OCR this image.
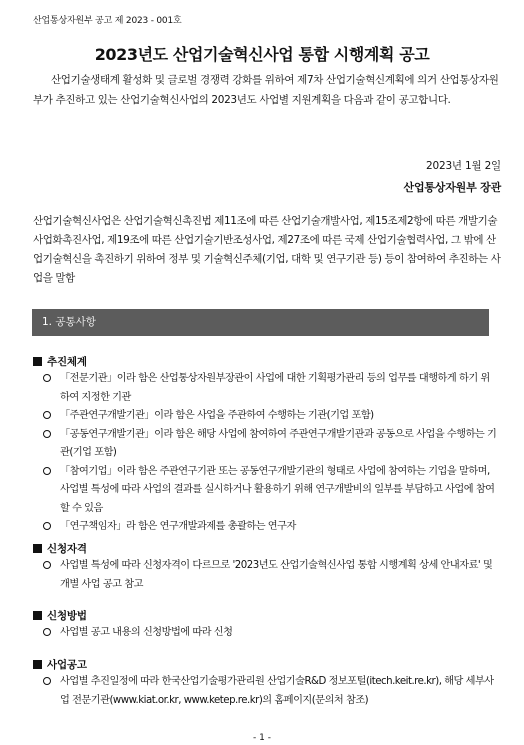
산업통상자원부 공고 제 2023 - 001호
2023년도 산업기술혁신사업 통합 시행계획 공고
산업기술생태계 활성화 및 글로벌 경쟁력 강화를 위하여 제7차 산업기술혁신계획에 의거 산업통상자원부가 추진하고 있는 산업기술혁신사업의 2023년도 사업별 지원계획을 다음과 같이 공고합니다.
2023년 1월 2일
산업통상자원부 장관
산업기술혁신사업은 산업기술혁신촉진법 제11조에 따른 산업기술개발사업, 제15조제2항에 따른 개발기술사업화촉진사업, 제19조에 따른 산업기술기반조성사업, 제27조에 따른 국제 산업기술협력사업, 그 밖에 산업기술혁신을 촉진하기 위하여 정부 및 기술혁신주체(기업, 대학 및 연구기관 등) 등이 참여하여 추진하는 사업을 말함
1. 공통사항
추진체계
「전문기관」이라 함은 산업통상자원부장관이 사업에 대한 기획평가관리 등의 업무를 대행하게 하기 위하여 지정한 기관
「주관연구개발기관」이라 함은 사업을 주관하여 수행하는 기관(기업 포함)
「공동연구개발기관」이라 함은 해당 사업에 참여하여 주관연구개발기관과 공동으로 사업을 수행하는 기관(기업 포함)
「참여기업」이라 함은 주관연구기관 또는 공동연구개발기관의 형태로 사업에 참여하는 기업을 말하며, 사업별 특성에 따라 사업의 결과를 실시하거나 활용하기 위해 연구개발비의 일부를 부담하고 사업에 참여할 수 있음
「연구책임자」라 함은 연구개발과제를 총괄하는 연구자
신청자격
사업별 특성에 따라 신청자격이 다르므로 '2023년도 산업기술혁신사업 통합 시행계획 상세 안내자료' 및 개별 사업 공고 참고
신청방법
사업별 공고 내용의 신청방법에 따라 신청
사업공고
사업별 추진일정에 따라 한국산업기술평가관리원 산업기술R&D 정보포털(itech.keit.re.kr), 해당 세부사업 전문기관(www.kiat.or.kr, www.ketep.re.kr)의 홈페이지(문의처 참조)
- 1 -
